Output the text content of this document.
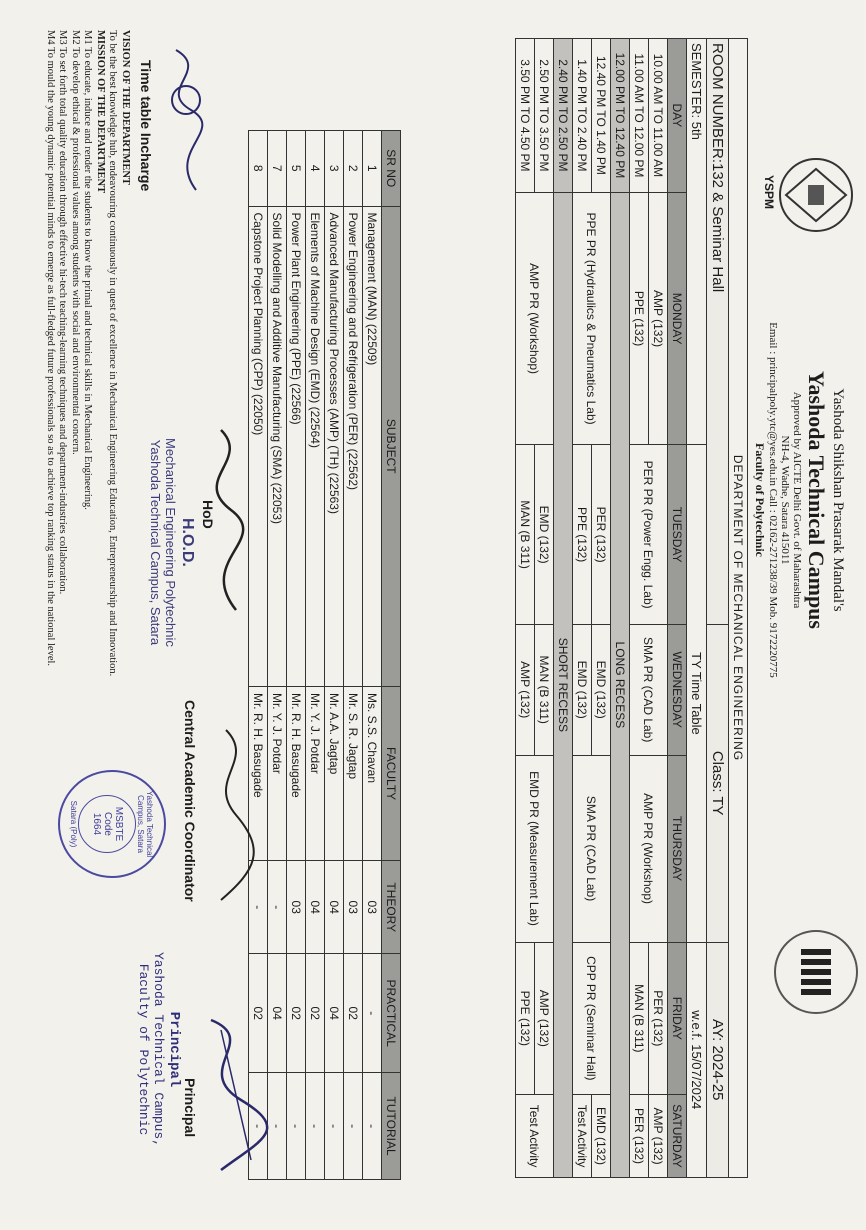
YSPM
Yashoda Shikshan Prasarak Mandal's
Yashoda Technical Campus
Approved by AICTE Delhi Govt. of Maharashtra
NH-4, Wadhe, Satara 415011
Email : principalpoly.ytc@yes.edu.in Call : 02162-271238/39 Mob. 9172220775
Faculty of Polytechnic
DEPARTMENT OF MECHANICAL ENGINEERING						
ROOM NUMBER:132 & Seminar Hall			Class: TY		AY: 2024-25	
SEMESTER: 5th		TY Time Table			w.e.f. 15/07/2024	
DAY	MONDAY	TUESDAY	WEDNESDAY	THURSDAY	FRIDAY	SATURDAY
10.00 AM TO 11.00 AM	AMP (132)	PER PR (Power Engg. Lab)	SMA PR (CAD Lab)	AMP PR (Workshop)	PER (132)	AMP (132)
11.00 AM TO 12.00 PM	PPE (132)				MAN (B 311)	PER (132)
12.00 PM TO 12.40 PM	LONG RECESS					
12.40 PM TO 1.40 PM	PPE PR (Hydraulics & Pneumatics Lab)	PER (132)	EMD (132)	SMA PR (CAD Lab)	CPP PR (Seminar Hall)	EMD (132)
1.40 PM TO 2.40 PM		PPE (132)	EMD (132)			Test Activity
2.40 PM TO 2.50 PM	SHORT RECESS					
2.50 PM TO 3.50 PM	AMP PR (Workshop)	EMD (132)	MAN (B 311)	EMD PR (Measurement Lab)	AMP (132)	Test Activity
3.50 PM TO 4.50 PM		MAN (B 311)	AMP (132)		PPE (132)	
SR NO	SUBJECT	FACULTY	THEORY	PRACTICAL	TUTORIAL
1	Management (MAN) (22509)	Ms. S.S. Chavan	03	-	-
2	Power Engineering and Refrigeration (PER) (22562)	Mr. S. R. Jagtap	03	02	-
3	Advanced Manufacturing Processes (AMP) (TH) (22563)	Mr. A.A. Jagtap	04	04	-
4	Elements of Machine Design (EMD) (22564)	Mr. Y. J. Potdar	04	02	-
5	Power Plant Engineering (PPE) (22566)	Mr. R. H. Basugade	03	02	-
7	Solid Modelling and Additive Manufacturing (SMA) (22053)	Mr. Y. J. Potdar	-	04	-
8	Capstone Project Planning (CPP) (22050)	Mr. R. H. Basugade	-	02	-
Time table Incharge
HoD
H.O.D.
Mechanical Engineering Polytechnic
Yashoda Technical Campus, Satara
Central Academic Coordinator
Yashoda Technical Campus, Satara
MSBTE
Code
1664
Satara (Poly)
Principal
Principal
Yashoda Technical Campus,
Faculty of Polytechnic
VISION OF THE DEPARTMENT
To be the best knowledge hub, endeavouring continuously in quest of excellence in Mechanical Engineering Education, Entrepreneurship and Innovation.
MISSION OF THE DEPARTMENT
M1 To educate, induce and render the students to know the primal and technical skills in Mechanical Engineering.
M2 To develop ethical & professional values among students with social and environmental concern.
M3 To set forth total quality education through effective hi-tech teaching-learning techniques and department-industries collaboration.
M4 To mould the young dynamic potential minds to emerge as full-fledged future professionals so as to achieve top ranking status in the national level.
